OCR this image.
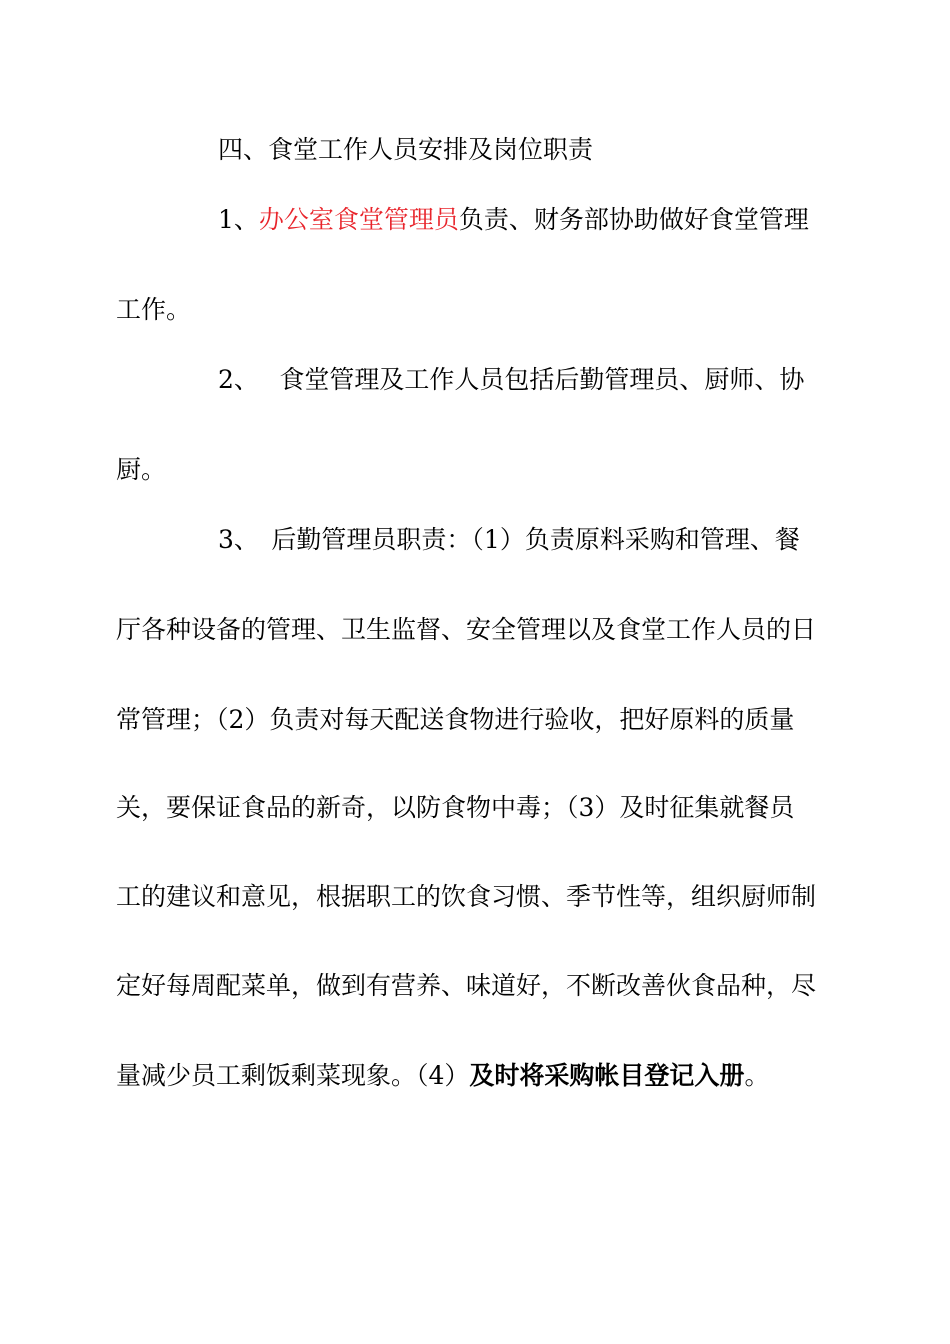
四、食堂工作人员安排及岗位职责

1、办公室食堂管理员负责、财务部协助做好食堂管理

工作。

2、　 食堂管理及工作人员包括后勤管理员、厨师、协

厨。

3、　后勤管理员职责：（1）负责原料采购和管理、餐

厅各种设备的管理、卫生监督、安全管理以及食堂工作人员的日

常管理；（2）负责对每天配送食物进行验收，把好原料的质量

关，要保证食品的新奇，以防食物中毒；（3）及时征集就餐员

工的建议和意见，根据职工的饮食习惯、季节性等，组织厨师制

定好每周配菜单，做到有营养、味道好，不断改善伙食品种，尽

量减少员工剩饭剩菜现象。（4）及时将采购帐目登记入册。
